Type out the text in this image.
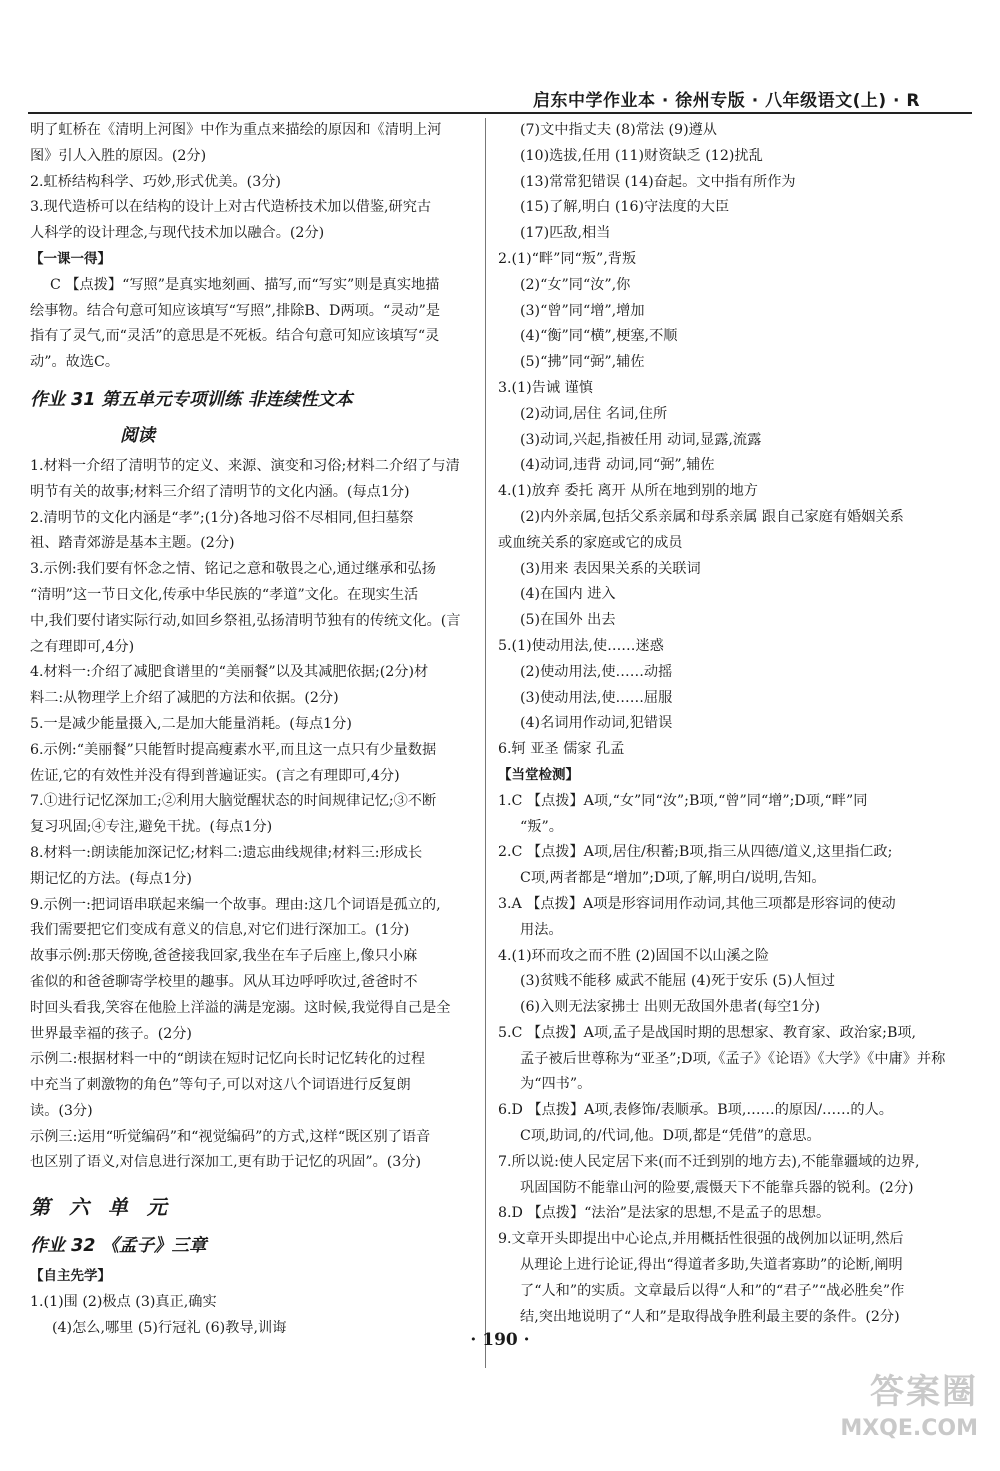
启东中学作业本 · 徐州专版 · 八年级语文(上) · R
明了虹桥在《清明上河图》中作为重点来描绘的原因和《清明上河
图》引人入胜的原因。(2分)
2.虹桥结构科学、巧妙,形式优美。(3分)
3.现代造桥可以在结构的设计上对古代造桥技术加以借鉴,研究古
人科学的设计理念,与现代技术加以融合。(2分)
【一课一得】
C 【点拨】“写照”是真实地刻画、描写,而“写实”则是真实地描
绘事物。结合句意可知应该填写“写照”,排除B、D两项。“灵动”是
指有了灵气,而“灵活”的意思是不死板。结合句意可知应该填写“灵
动”。故选C。
作业 31 第五单元专项训练 非连续性文本
阅读
1.材料一介绍了清明节的定义、来源、演变和习俗;材料二介绍了与清
明节有关的故事;材料三介绍了清明节的文化内涵。(每点1分)
2.清明节的文化内涵是“孝”;(1分)各地习俗不尽相同,但扫墓祭
祖、踏青郊游是基本主题。(2分)
3.示例:我们要有怀念之情、铭记之意和敬畏之心,通过继承和弘扬
“清明”这一节日文化,传承中华民族的“孝道”文化。在现实生活
中,我们要付诸实际行动,如回乡祭祖,弘扬清明节独有的传统文化。(言
之有理即可,4分)
4.材料一:介绍了减肥食谱里的“美丽餐”以及其减肥依据;(2分)材
料二:从物理学上介绍了减肥的方法和依据。(2分)
5.一是减少能量摄入,二是加大能量消耗。(每点1分)
6.示例:“美丽餐”只能暂时提高瘦素水平,而且这一点只有少量数据
佐证,它的有效性并没有得到普遍证实。(言之有理即可,4分)
7.①进行记忆深加工;②利用大脑觉醒状态的时间规律记忆;③不断
复习巩固;④专注,避免干扰。(每点1分)
8.材料一:朗读能加深记忆;材料二:遗忘曲线规律;材料三:形成长
期记忆的方法。(每点1分)
9.示例一:把词语串联起来编一个故事。理由:这几个词语是孤立的,
我们需要把它们变成有意义的信息,对它们进行深加工。(1分)
故事示例:那天傍晚,爸爸接我回家,我坐在车子后座上,像只小麻
雀似的和爸爸聊寄学校里的趣事。风从耳边呼呼吹过,爸爸时不
时回头看我,笑容在他脸上洋溢的满是宠溺。这时候,我觉得自己是全
世界最幸福的孩子。(2分)
示例二:根据材料一中的“朗读在短时记忆向长时记忆转化的过程
中充当了刺激物的角色”等句子,可以对这八个词语进行反复朗
读。(3分)
示例三:运用“听觉编码”和“视觉编码”的方式,这样“既区别了语音
也区别了语义,对信息进行深加工,更有助于记忆的巩固”。(3分)
第 六 单 元
作业 32 《孟子》三章
【自主先学】
1.(1)围 (2)极点 (3)真正,确实
(4)怎么,哪里 (5)行冠礼 (6)教导,训诲
(7)文中指丈夫 (8)常法 (9)遵从
(10)选拔,任用 (11)财资缺乏 (12)扰乱
(13)常常犯错误 (14)奋起。文中指有所作为
(15)了解,明白 (16)守法度的大臣
(17)匹敌,相当
2.(1)“畔”同“叛”,背叛
(2)“女”同“汝”,你
(3)“曾”同“增”,增加
(4)“衡”同“横”,梗塞,不顺
(5)“拂”同“弼”,辅佐
3.(1)告诫 谨慎
(2)动词,居住 名词,住所
(3)动词,兴起,指被任用 动词,显露,流露
(4)动词,违背 动词,同“弼”,辅佐
4.(1)放弃 委托 离开 从所在地到别的地方
(2)内外亲属,包括父系亲属和母系亲属 跟自己家庭有婚姻关系
或血统关系的家庭或它的成员
(3)用来 表因果关系的关联词
(4)在国内 进入
(5)在国外 出去
5.(1)使动用法,使……迷惑
(2)使动用法,使……动摇
(3)使动用法,使……屈服
(4)名词用作动词,犯错误
6.轲 亚圣 儒家 孔孟
【当堂检测】
1.C 【点拨】A项,“女”同“汝”;B项,“曾”同“增”;D项,“畔”同
“叛”。
2.C 【点拨】A项,居住/积蓄;B项,指三从四德/道义,这里指仁政;
C项,两者都是“增加”;D项,了解,明白/说明,告知。
3.A 【点拨】A项是形容词用作动词,其他三项都是形容词的使动
用法。
4.(1)环而攻之而不胜 (2)固国不以山溪之险
(3)贫贱不能移 威武不能屈 (4)死于安乐 (5)人恒过
(6)入则无法家拂士 出则无敌国外患者(每空1分)
5.C 【点拨】A项,孟子是战国时期的思想家、教育家、政治家;B项,
孟子被后世尊称为“亚圣”;D项,《孟子》《论语》《大学》《中庸》并称
为“四书”。
6.D 【点拨】A项,表修饰/表顺承。B项,……的原因/……的人。
C项,助词,的/代词,他。D项,都是“凭借”的意思。
7.所以说:使人民定居下来(而不迁到别的地方去),不能靠疆域的边界,
巩固国防不能靠山河的险要,震慑天下不能靠兵器的锐利。(2分)
8.D 【点拨】“法治”是法家的思想,不是孟子的思想。
9.文章开头即提出中心论点,并用概括性很强的战例加以证明,然后
从理论上进行论证,得出“得道者多助,失道者寡助”的论断,阐明
了“人和”的实质。文章最后以得“人和”的“君子”“战必胜矣”作
结,突出地说明了“人和”是取得战争胜利最主要的条件。(2分)
· 190 ·
答案圈
MXQE.COM
